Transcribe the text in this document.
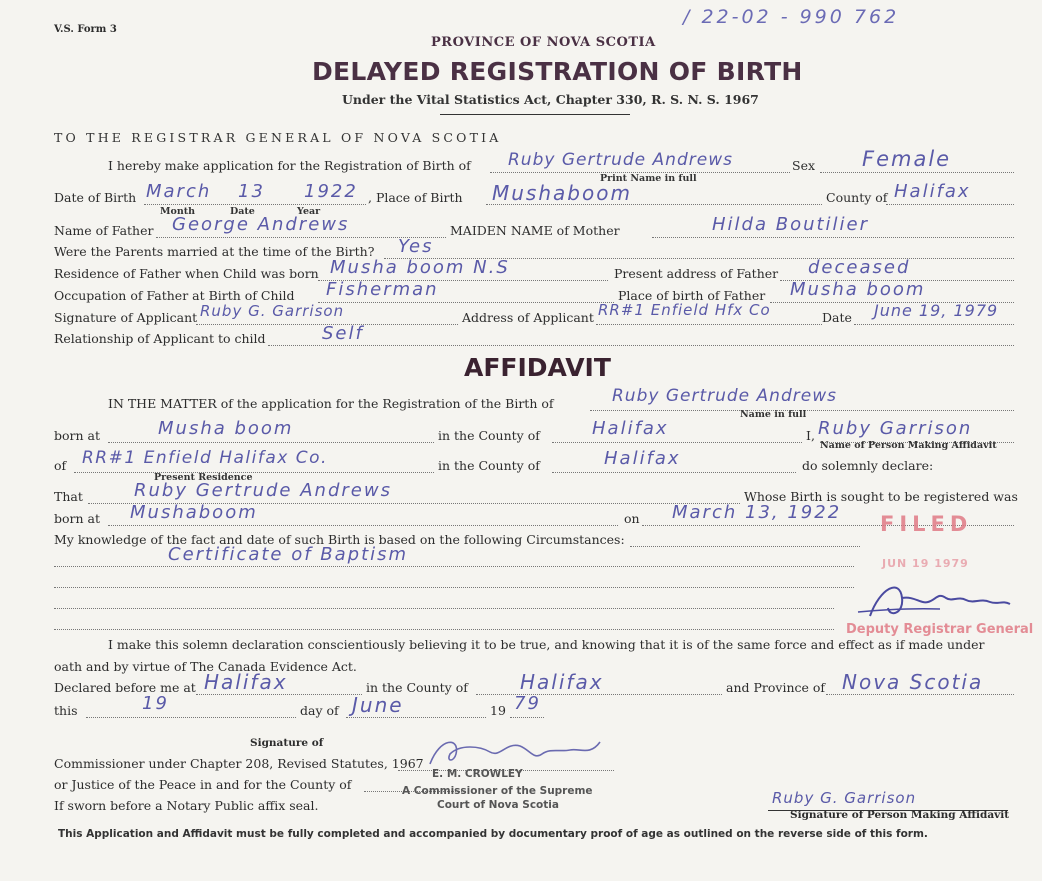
V.S. Form 3
/ 22-02 - 990 762
PROVINCE OF NOVA SCOTIA
DELAYED REGISTRATION OF BIRTH
Under the Vital Statistics Act, Chapter 330, R. S. N. S. 1967
TO THE REGISTRAR GENERAL OF NOVA SCOTIA
I hereby make application for the Registration of Birth of Ruby Gertrude Andrews	Sex Female
Print Name in full
Date of Birth March 13 1922 , Place of Birth Mushaboom	County of Halifax
Month	Date	Year
Name of Father George Andrews	MAIDEN NAME of Mother	Hilda Boutilier
Were the Parents married at the time of the Birth? Yes
Residence of Father when Child was born Musha boom N.S	Present address of Father deceased
Occupation of Father at Birth of Child Fisherman	Place of birth of Father Musha boom
Signature of Applicant Ruby G. Garrison	Address of Applicant RR#1 Enfield Hfx Co	Date June 19, 1979
Relationship of Applicant to child	Self
AFFIDAVIT
IN THE MATTER of the application for the Registration of the Birth of	Ruby Gertrude Andrews
Name in full
born at	Musha boom	in the County of	Halifax	I, Ruby Garrison
Name of Person Making Affidavit
of RR#1 Enfield Halifax Co.	in the County of	Halifax	do solemnly declare:
Present Residence
That	Ruby Gertrude Andrews	Whose Birth is sought to be registered was
born at Mushaboom	on March 13, 1922
My knowledge of the fact and date of such Birth is based on the following Circumstances:
Certificate of Baptism
FILED
JUN 19 1979
Deputy Registrar General
I make this solemn declaration conscientiously believing it to be true, and knowing that it is of the same force and effect as if made under
oath and by virtue of The Canada Evidence Act.
Declared before me at Halifax	in the County of	Halifax	and Province of Nova Scotia
this	19	day of June	19 79
Signature of
Commissioner under Chapter 208, Revised Statutes, 1967
or Justice of the Peace in and for the County of
E. M. CROWLEY
A Commissioner of the Supreme
Court of Nova Scotia
If sworn before a Notary Public affix seal.	Ruby G. Garrison
Signature of Person Making Affidavit
This Application and Affidavit must be fully completed and accompanied by documentary proof of age as outlined on the reverse side of this form.
